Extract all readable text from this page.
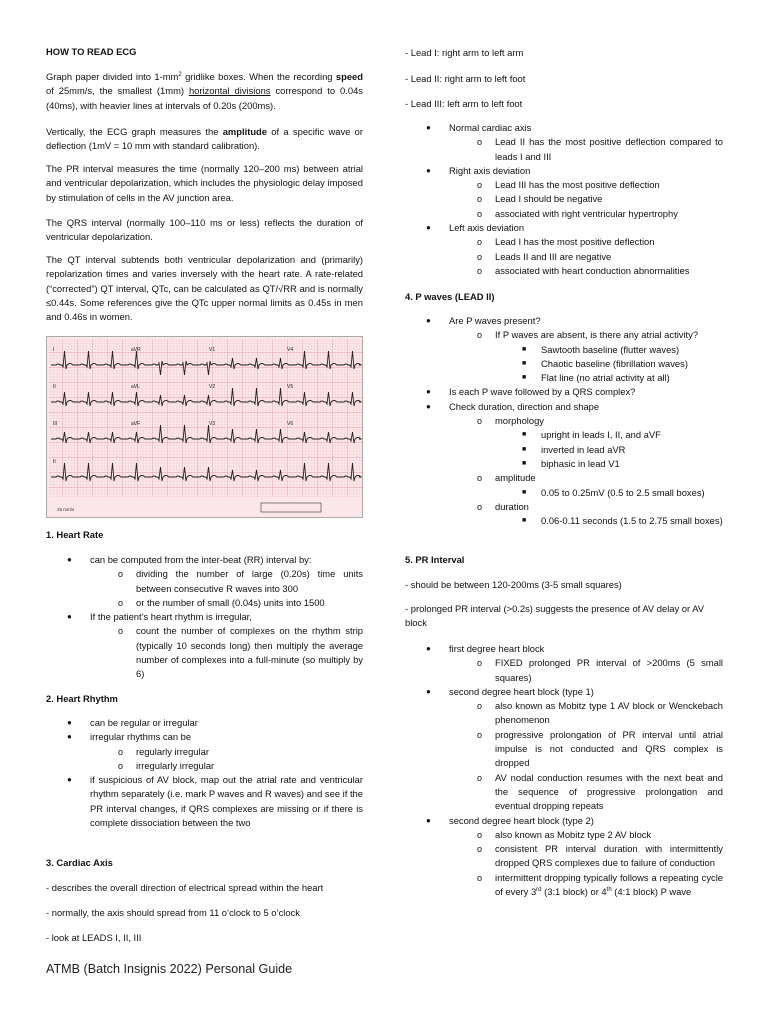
HOW TO READ ECG

Graph paper divided into $1-mm^2$ gridlike boxes. When the recording speed of 25mm/s, the smallest (1mm) horizontal divisions correspond to 0.04s (40ms), with heavier lines at intervals of 0.20s (200ms).

Vertically, the ECG graph measures the amplitude of a specific wave or deflection (1mV = 10 mm with standard calibration).

The PR interval measures the time (normally 120–200 ms) between atrial and ventricular depolarization, which includes the physiologic delay imposed by stimulation of cells in the AV junction area.

The QRS interval (normally 100–110 ms or less) reflects the duration of ventricular depolarization.

The QT interval subtends both ventricular depolarization and (primarily) repolarization times and varies inversely with the heart rate. A rate-related (“corrected”) QT interval, QTc, can be calculated as QT/√RR and is normally ≤0.44s. Some references give the QTc upper normal limits as 0.45s in men and 0.46s in women.

I	aVR	V1	V4
II	aVL	V2	V5
III	aVF	V3	V6
II
25 mm/s
1. Heart Rate
● can be computed from the inter-beat (RR) interval by:
o dividing the number of large (0.20s) time units between consecutive R waves into 300
o or the number of small (0.04s) units into 1500
● If the patient’s heart rhythm is irregular,
o count the number of complexes on the rhythm strip (typically 10 seconds long) then multiply the average number of complexes into a full-minute (so multiply by 6)
2. Heart Rhythm
● can be regular or irregular
● irregular rhythms can be
o regularly irregular
o irregularly irregular
● if suspicious of AV block, map out the atrial rate and ventricular rhythm separately (i.e. mark P waves and R waves) and see if the PR interval changes, if QRS complexes are missing or if there is complete dissociation between the two
3. Cardiac Axis
- describes the overall direction of electrical spread within the heart
- normally, the axis should spread from 11 o’clock to 5 o’clock
- look at LEADS I, II, III
- Lead I: right arm to left arm
- Lead II: right arm to left foot
- Lead III: left arm to left foot
● Normal cardiac axis
o Lead II has the most positive deflection compared to leads I and III
● Right axis deviation
o Lead III has the most positive deflection
o Lead I should be negative
o associated with right ventricular hypertrophy
● Left axis deviation
o Lead I has the most positive deflection
o Leads II and III are negative
o associated with heart conduction abnormalities
4. P waves (LEAD II)
● Are P waves present?
o If P waves are absent, is there any atrial activity?
■ Sawtooth baseline (flutter waves)
■ Chaotic baseline (fibrillation waves)
■ Flat line (no atrial activity at all)
● Is each P wave followed by a QRS complex?
● Check duration, direction and shape
o morphology
■ upright in leads I, II, and aVF
■ inverted in lead aVR
■ biphasic in lead V1
o amplitude
■ 0.05 to 0.25mV (0.5 to 2.5 small boxes)
o duration
■ 0.06-0.11 seconds (1.5 to 2.75 small boxes)
5. PR Interval
- should be between 120-200ms (3-5 small squares)
- prolonged PR interval (>0.2s) suggests the presence of AV delay or AV block
● first degree heart block
o FIXED prolonged PR interval of >200ms (5 small squares)
● second degree heart block (type 1)
o also known as Mobitz type 1 AV block or Wenckebach phenomenon
o progressive prolongation of PR interval until atrial impulse is not conducted and QRS complex is dropped
o AV nodal conduction resumes with the next beat and the sequence of progressive prolongation and eventual dropping repeats
● second degree heart block (type 2)
o also known as Mobitz type 2 AV block
o consistent PR interval duration with intermittently dropped QRS complexes due to failure of conduction
o intermittent dropping typically follows a repeating cycle of every 3rd (3:1 block) or 4th (4:1 block) P wave
ATMB (Batch Insignis 2022) Personal Guide
